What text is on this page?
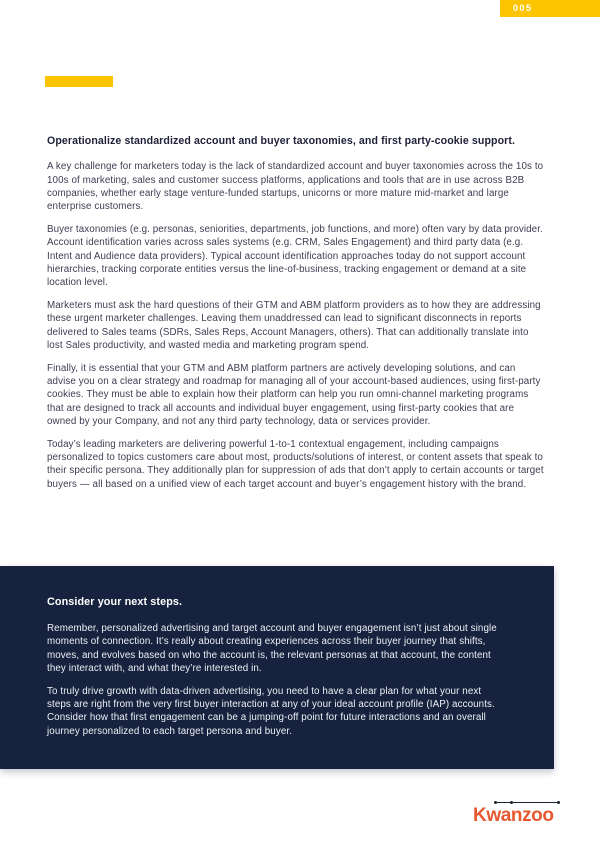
005
Operationalize standardized account and buyer taxonomies, and first party-cookie support.

A key challenge for marketers today is the lack of standardized account and buyer taxonomies across the 10s to 100s of marketing, sales and customer success platforms, applications and tools that are in use across B2B companies, whether early stage venture-funded startups, unicorns or more mature mid-market and large enterprise customers.

Buyer taxonomies (e.g. personas, seniorities, departments, job functions, and more) often vary by data provider. Account identification varies across sales systems (e.g. CRM, Sales Engagement) and third party data (e.g. Intent and Audience data providers). Typical account identification approaches today do not support account hierarchies, tracking corporate entities versus the line-of-business, tracking engagement or demand at a site location level.

Marketers must ask the hard questions of their GTM and ABM platform providers as to how they are addressing these urgent marketer challenges. Leaving them unaddressed can lead to significant disconnects in reports delivered to Sales teams (SDRs, Sales Reps, Account Managers, others). That can additionally translate into lost Sales productivity, and wasted media and marketing program spend.

Finally, it is essential that your GTM and ABM platform partners are actively developing solutions, and can advise you on a clear strategy and roadmap for managing all of your account-based audiences, using first-party cookies. They must be able to explain how their platform can help you run omni-channel marketing programs that are designed to track all accounts and individual buyer engagement, using first-party cookies that are owned by your Company, and not any third party technology, data or services provider.

Today’s leading marketers are delivering powerful 1-to-1 contextual engagement, including campaigns personalized to topics customers care about most, products/solutions of interest, or content assets that speak to their specific persona. They additionally plan for suppression of ads that don’t apply to certain accounts or target buyers — all based on a unified view of each target account and buyer’s engagement history with the brand.

Consider your next steps.

Remember, personalized advertising and target account and buyer engagement isn’t just about single moments of connection. It’s really about creating experiences across their buyer journey that shifts, moves, and evolves based on who the account is, the relevant personas at that account, the content they interact with, and what they’re interested in.

To truly drive growth with data-driven advertising, you need to have a clear plan for what your next steps are right from the very first buyer interaction at any of your ideal account profile (IAP) accounts. Consider how that first engagement can be a jumping-off point for future interactions and an overall journey personalized to each target persona and buyer.

Kwanzoo
